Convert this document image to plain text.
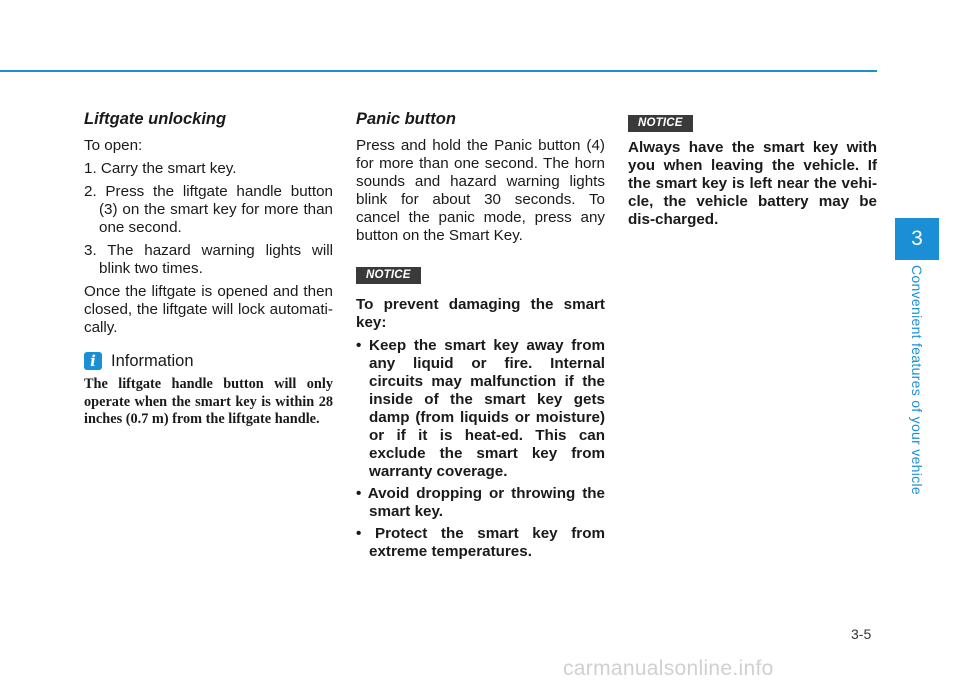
Liftgate unlocking
To open:
1. Carry the smart key.
2. Press the liftgate handle button (3) on the smart key for more than one second.
3. The hazard warning lights will blink two times.
Once the liftgate is opened and then closed, the liftgate will lock automati-cally.
i Information

The liftgate handle button will only operate when the smart key is within 28 inches (0.7 m) from the liftgate handle.

Panic button
Press and hold the Panic button (4) for more than one second. The horn sounds and hazard warning lights blink for about 30 seconds. To cancel the panic mode, press any button on the Smart Key.
NOTICE
To prevent damaging the smart key:
• Keep the smart key away from any liquid or fire. Internal circuits may malfunction if the inside of the smart key gets damp (from liquids or moisture) or if it is heat-ed. This can exclude the smart key from warranty coverage.
• Avoid dropping or throwing the smart key.
• Protect the smart key from extreme temperatures.
NOTICE
Always have the smart key with you when leaving the vehicle. If the smart key is left near the vehi-cle, the vehicle battery may be dis-charged.
3
Convenient features of your vehicle
3-5
carmanualsonline.info
